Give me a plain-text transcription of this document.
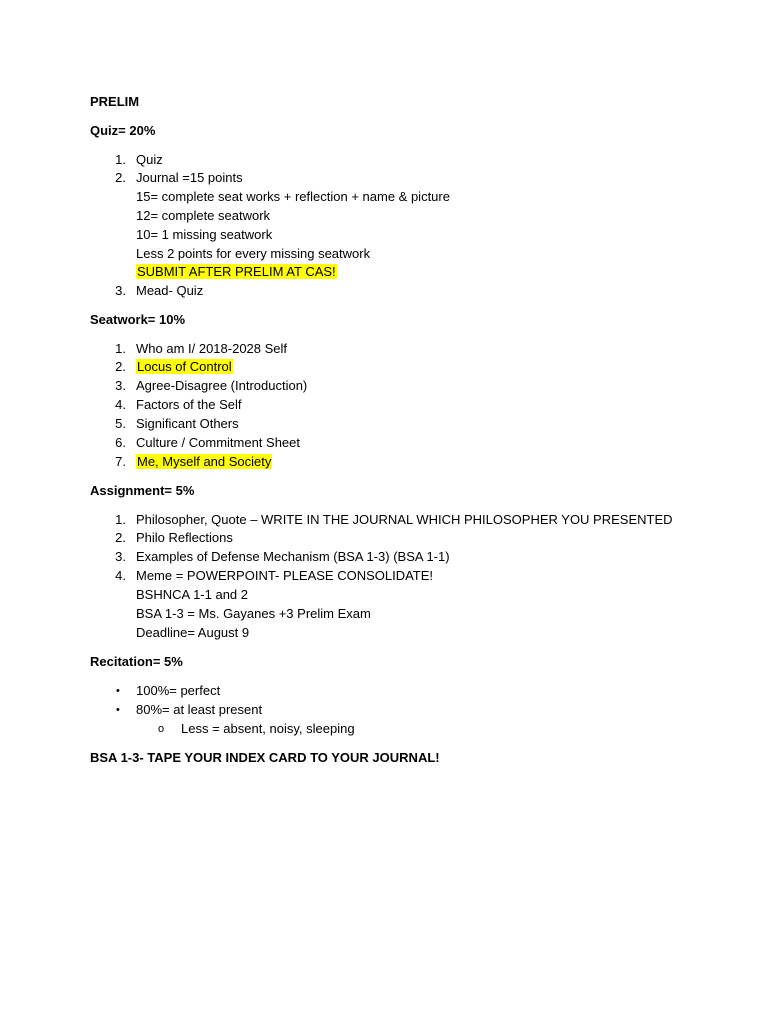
PRELIM
Quiz= 20%
1. Quiz
2. Journal =15 points
15= complete seat works + reflection + name & picture
12= complete seatwork
10= 1 missing seatwork
Less 2 points for every missing seatwork
SUBMIT AFTER PRELIM AT CAS!
3. Mead- Quiz
Seatwork= 10%
1. Who am I/ 2018-2028 Self
2. Locus of Control
3. Agree-Disagree (Introduction)
4. Factors of the Self
5. Significant Others
6. Culture / Commitment Sheet
7. Me, Myself and Society
Assignment= 5%
1. Philosopher, Quote – WRITE IN THE JOURNAL WHICH PHILOSOPHER YOU PRESENTED
2. Philo Reflections
3. Examples of Defense Mechanism (BSA 1-3) (BSA 1-1)
4. Meme = POWERPOINT- PLEASE CONSOLIDATE!
BSHNCA 1-1 and 2
BSA 1-3 = Ms. Gayanes +3 Prelim Exam
Deadline= August 9
Recitation= 5%
• 100%= perfect
• 80%= at least present
o Less = absent, noisy, sleeping
BSA 1-3- TAPE YOUR INDEX CARD TO YOUR JOURNAL!
